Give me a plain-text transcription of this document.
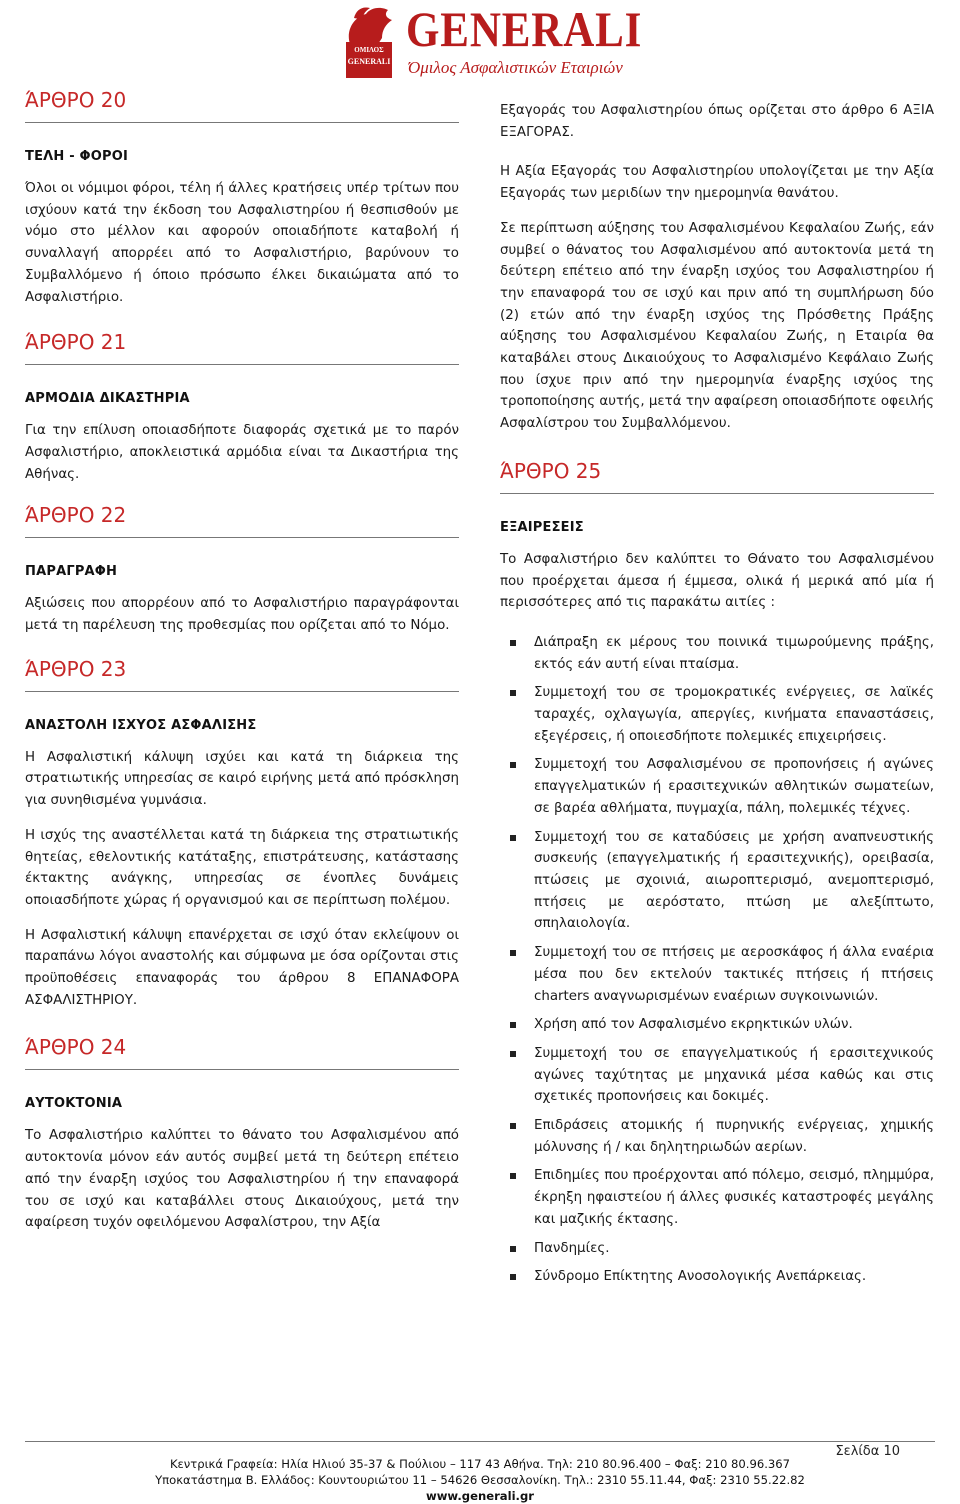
ΟΜΙΛΟΣ
GENERALI
GENERALI
Όμιλος Ασφαλιστικών Εταιριών
ΆΡΘΡΟ 20
ΤΕΛΗ - ΦΟΡΟΙ

Όλοι οι νόμιμοι φόροι, τέλη ή άλλες κρατήσεις υπέρ τρίτων που ισχύουν κατά την έκδοση του Ασφαλιστηρίου ή θεσπισθούν με νόμο στο μέλλον και αφορούν οποιαδήποτε καταβολή ή συναλλαγή απορρέει από το Ασφαλιστήριο, βαρύνουν το Συμβαλλόμενο ή όποιο πρόσωπο έλκει δικαιώματα από το Ασφαλιστήριο.

ΆΡΘΡΟ 21
ΑΡΜΟΔΙΑ ΔΙΚΑΣΤΗΡΙΑ

Για την επίλυση οποιασδήποτε διαφοράς σχετικά με το παρόν Ασφαλιστήριο, αποκλειστικά αρμόδια είναι τα Δικαστήρια της Αθήνας.

ΆΡΘΡΟ 22
ΠΑΡΑΓΡΑΦΗ

Αξιώσεις που απορρέουν από το Ασφαλιστήριο παραγράφονται μετά τη παρέλευση της προθεσμίας που ορίζεται από το Νόμο.

ΆΡΘΡΟ 23
ΑΝΑΣΤΟΛΗ ΙΣΧΥΟΣ ΑΣΦΑΛΙΣΗΣ

Η Ασφαλιστική κάλυψη ισχύει και κατά τη διάρκεια της στρατιωτικής υπηρεσίας σε καιρό ειρήνης μετά από πρόσκληση για συνηθισμένα γυμνάσια.

Η ισχύς της αναστέλλεται κατά τη διάρκεια της στρατιωτικής θητείας, εθελοντικής κατάταξης, επιστράτευσης, κατάστασης έκτακτης ανάγκης, υπηρεσίας σε ένοπλες δυνάμεις οποιασδήποτε χώρας ή οργανισμού και σε περίπτωση πολέμου.

Η Ασφαλιστική κάλυψη επανέρχεται σε ισχύ όταν εκλείψουν οι παραπάνω λόγοι αναστολής και σύμφωνα με όσα ορίζονται στις προϋποθέσεις επαναφοράς του άρθρου 8 ΕΠΑΝΑΦΟΡΑ ΑΣΦΑΛΙΣΤΗΡΙΟΥ.

ΆΡΘΡΟ 24
ΑΥΤΟΚΤΟΝΙΑ

Το Ασφαλιστήριο καλύπτει το θάνατο του Ασφαλισμένου από αυτοκτονία μόνον εάν αυτός συμβεί μετά τη δεύτερη επέτειο από την έναρξη ισχύος του Ασφαλιστηρίου ή την επαναφορά του σε ισχύ και καταβάλλει στους Δικαιούχους, μετά την αφαίρεση τυχόν οφειλόμενου Ασφαλίστρου, την Αξία

Εξαγοράς του Ασφαλιστηρίου όπως ορίζεται στο άρθρο 6 ΑΞΙΑ ΕΞΑΓΟΡΑΣ.

Η Αξία Εξαγοράς του Ασφαλιστηρίου υπολογίζεται με την Αξία Εξαγοράς των μεριδίων την ημερομηνία θανάτου.

Σε περίπτωση αύξησης του Ασφαλισμένου Κεφαλαίου Ζωής, εάν συμβεί ο θάνατος του Ασφαλισμένου από αυτοκτονία μετά τη δεύτερη επέτειο από την έναρξη ισχύος του Ασφαλιστηρίου ή την επαναφορά του σε ισχύ και πριν από τη συμπλήρωση δύο (2) ετών από την έναρξη ισχύος της Πρόσθετης Πράξης αύξησης του Ασφαλισμένου Κεφαλαίου Ζωής, η Εταιρία θα καταβάλει στους Δικαιούχους το Ασφαλισμένο Κεφάλαιο Ζωής που ίσχυε πριν από την ημερομηνία έναρξης ισχύος της τροποποίησης αυτής, μετά την αφαίρεση οποιασδήποτε οφειλής Ασφαλίστρου του Συμβαλλόμενου.

ΆΡΘΡΟ 25
ΕΞΑΙΡΕΣΕΙΣ

Το Ασφαλιστήριο δεν καλύπτει το Θάνατο του Ασφαλισμένου που προέρχεται άμεσα ή έμμεσα, ολικά ή μερικά από μία ή περισσότερες από τις παρακάτω αιτίες :

Διάπραξη εκ μέρους του ποινικά τιμωρούμενης πράξης, εκτός εάν αυτή είναι πταίσμα.
Συμμετοχή του σε τρομοκρατικές ενέργειες, σε λαϊκές ταραχές, οχλαγωγία, απεργίες, κινήματα επαναστάσεις, εξεγέρσεις, ή οποιεσδήποτε πολεμικές επιχειρήσεις.
Συμμετοχή του Ασφαλισμένου σε προπονήσεις ή αγώνες επαγγελματικών ή ερασιτεχνικών αθλητικών σωματείων, σε βαρέα αθλήματα, πυγμαχία, πάλη, πολεμικές τέχνες.
Συμμετοχή του σε καταδύσεις με χρήση αναπνευστικής συσκευής (επαγγελματικής ή ερασιτεχνικής), ορειβασία, πτώσεις με σχοινιά, αιωροπτερισμό, ανεμοπτερισμό, πτήσεις με αερόστατο, πτώση με αλεξίπτωτο, σπηλαιολογία.
Συμμετοχή του σε πτήσεις με αεροσκάφος ή άλλα εναέρια μέσα που δεν εκτελούν τακτικές πτήσεις ή πτήσεις charters αναγνωρισμένων εναέριων συγκοινωνιών.
Χρήση από τον Ασφαλισμένο εκρηκτικών υλών.
Συμμετοχή του σε επαγγελματικούς ή ερασιτεχνικούς αγώνες ταχύτητας με μηχανικά μέσα καθώς και στις σχετικές προπονήσεις και δοκιμές.
Επιδράσεις ατομικής ή πυρηνικής ενέργειας, χημικής μόλυνσης ή / και δηλητηριωδών αερίων.
Επιδημίες που προέρχονται από πόλεμο, σεισμό, πλημμύρα, έκρηξη ηφαιστείου ή άλλες φυσικές καταστροφές μεγάλης και μαζικής έκτασης.
Πανδημίες.
Σύνδρομο Επίκτητης Ανοσολογικής Ανεπάρκειας.
Σελίδα 10
Κεντρικά Γραφεία: Ηλία Ηλιού 35-37 & Πούλιου – 117 43 Αθήνα. Τηλ: 210 80.96.400 – Φαξ: 210 80.96.367
Υποκατάστημα Β. Ελλάδος: Κουντουριώτου 11 – 54626 Θεσσαλονίκη. Τηλ.: 2310 55.11.44, Φαξ: 2310 55.22.82
www.generali.gr
